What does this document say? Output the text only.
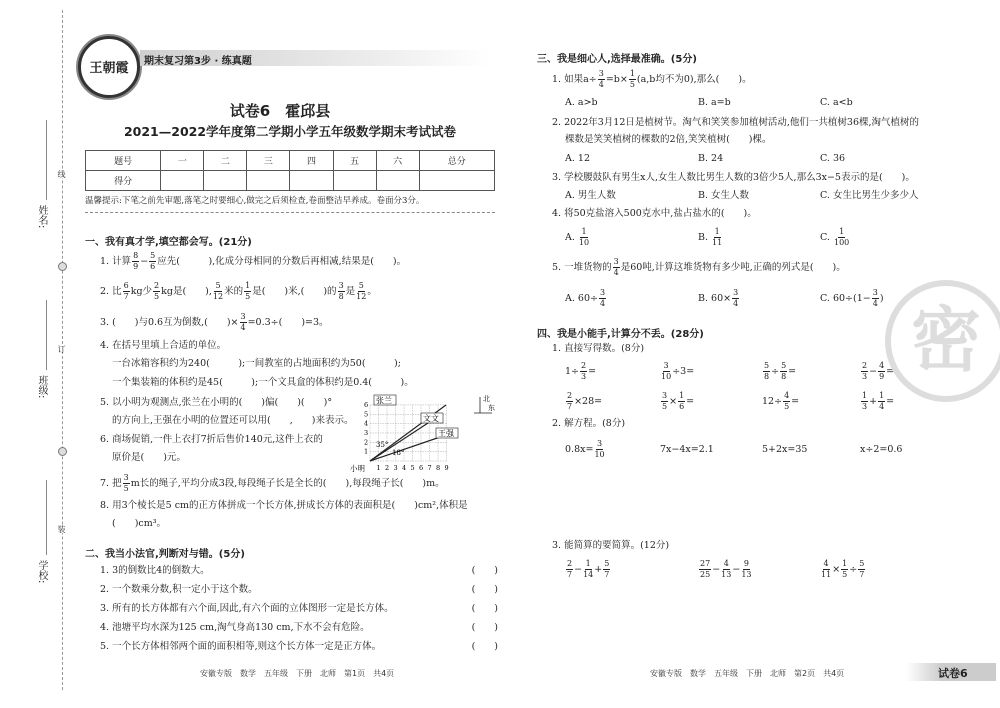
姓名:
班级:
学校:
线
订
装
王朝霞	期末复习第3步 · 练真题
试卷6　霍邱县
2021—2022学年度第二学期小学五年级数学期末考试试卷
题号	一	二	三	四	五	六	总分
得分							
温馨提示:下笔之前先审题,落笔之时要细心,做完之后须检查,卷面整洁早养成。卷面分3分。
一、我有真才学,填空都会写。(21分)
1. 计算 $\frac{8}{9} - \frac{5}{6}$ 应先(　　　),化成分母相同的分数后再相减,结果是(　　)。
2. 比 $\frac{6}{7}$ kg少 $\frac{2}{5}$ kg是(　　), $\frac{5}{12}$ 米的 $\frac{1}{5}$ 是(　　)米,(　　)的 $\frac{3}{8}$ 是 $\frac{5}{12}$ 。
3. (　　)与0.6互为倒数,(　　)× $\frac{3}{4} =0.3\div$(　　)=3。
4. 在括号里填上合适的单位。
一台冰箱容积约为240(　　　);一间教室的占地面积约为50(　　　);
一个集装箱的体积约是45(　　　);一个文具盒的体积约是0.4(　　　)。
5. 以小明为观测点,张兰在小明的(　　)偏(　　)(　　)°
的方向上,王强在小明的位置还可以用(　　,　　)来表示。
6. 商场促销,一件上衣打7折后售价140元,这件上衣的
原价是(　　)元。
张兰
文文
王强
35°
18°
小明 1 2 3 4 5 6 7 8 9
1
2
3
4
5
6
北
东
7. 把 $\frac{3}{5}$ m长的绳子,平均分成3段,每段绳子长是全长的(　　),每段绳子长(　　)m。
8. 用3个棱长是5 cm的正方体拼成一个长方体,拼成长方体的表面积是(　　)cm²,体积是
(　　)cm³。
二、我当小法官,判断对与错。(5分)
1. 3的倒数比4的倒数大。	(　　)
2. 一个数乘分数,积一定小于这个数。	(　　)
3. 所有的长方体都有六个面,因此,有六个面的立体图形一定是长方体。	(　　)
4. 池塘平均水深为125 cm,淘气身高130 cm,下水不会有危险。	(　　)
5. 一个长方体相邻两个面的面积相等,则这个长方体一定是正方体。	(　　)
安徽专版　数学　五年级　下册　北师　第1页　共4页
三、我是细心人,选择最准确。(5分)
1. 如果$a\div \frac{3}{4} =b\times \frac{1}{5} (a,b$均不为0),那么(　　)。
A. a>b	B. a=b	C. a<b
2. 2022年3月12日是植树节。淘气和笑笑参加植树活动,他们一共植树36棵,淘气植树的
棵数是笑笑植树的棵数的2倍,笑笑植树(　　)棵。
A. 12	B. 24	C. 36
3. 学校腰鼓队有男生x人,女生人数比男生人数的3倍少5人,那么3x−5表示的是(　　)。
A. 男生人数	B. 女生人数	C. 女生比男生少多少人
4. 将50克盐溶入500克水中,盐占盐水的(　　)。
A. $\frac{1}{10}$	B. $\frac{1}{11}$	C. $\frac{1}{100}$
5. 一堆货物的 $\frac{3}{4}$ 是60吨,计算这堆货物有多少吨,正确的列式是(　　)。
A. $60\div \frac{3}{4}$	B. $60\times \frac{3}{4}$	C. $60\div(1- \frac{3}{4}$ )
四、我是小能手,计算分不丢。(28分)
1. 直接写得数。(8分)
$1\div \frac{2}{3}$ =	$\frac{3}{10} \div 3=$	$\frac{5}{8} \div \frac{5}{8}$ =	$\frac{2}{3} - \frac{4}{9}$ =
$\frac{2}{7} \times 28=$	$\frac{3}{5} \times \frac{1}{6}$ =	$12\div \frac{4}{5}$ =	$\frac{1}{3} + \frac{1}{4}$ =
2. 解方程。(8分)
$0.8x= \frac{3}{10}$	7x−4x=2.1	5+2x=35	x÷2=0.6
3. 能简算的要简算。(12分)
$\frac{2}{7} - \frac{1}{14} + \frac{5}{7}$	$\frac{27}{25} - \frac{4}{13} - \frac{9}{13}$	$\frac{4}{11} \times \frac{1}{5} \div \frac{5}{7}$
密
安徽专版　数学　五年级　下册　北师　第2页　共4页	试卷6
